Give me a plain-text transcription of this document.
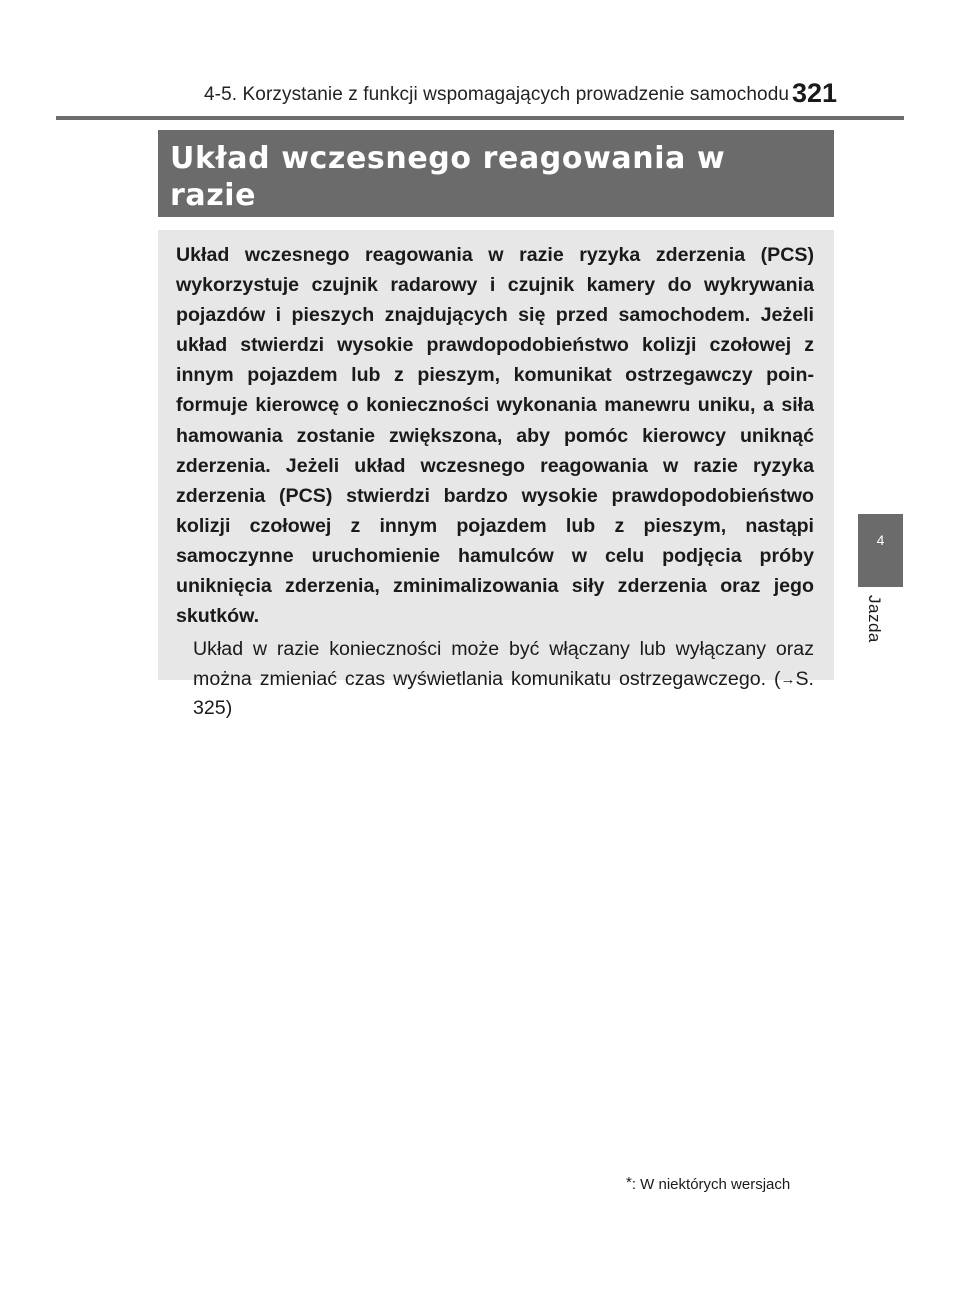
4-5. Korzystanie z funkcji wspomagających prowadzenie samochodu 321

Układ wczesnego reagowania w razie

Układ wczesnego reagowania w razie ryzyka zderzenia (PCS) wykorzystuje czujnik radarowy i czujnik kamery do wykrywania pojazdów i pieszych znajdujących się przed samochodem. Jeżeli układ stwierdzi wysokie prawdopodobieństwo kolizji czołowej z innym pojazdem lub z pieszym, komunikat ostrzegawczy poinformuje kierowcę o konieczności wykonania manewru uniku, a siła hamowania zostanie zwiększona, aby pomóc kierowcy uniknąć zderzenia. Jeżeli układ wczesnego reagowania w razie ryzyka zderzenia (PCS) stwierdzi bardzo wysokie prawdopodobieństwo kolizji czołowej z innym pojazdem lub z pieszym, nastąpi samoczynne uruchomienie hamulców w celu podjęcia próby uniknięcia zderzenia, zminimalizowania siły zderzenia oraz jego skutków.

Układ w razie konieczności może być włączany lub wyłączany oraz można zmieniać czas wyświetlania komunikatu ostrzegawczego. (→S. 325)

4
Jazda
*: W niektórych wersjach
